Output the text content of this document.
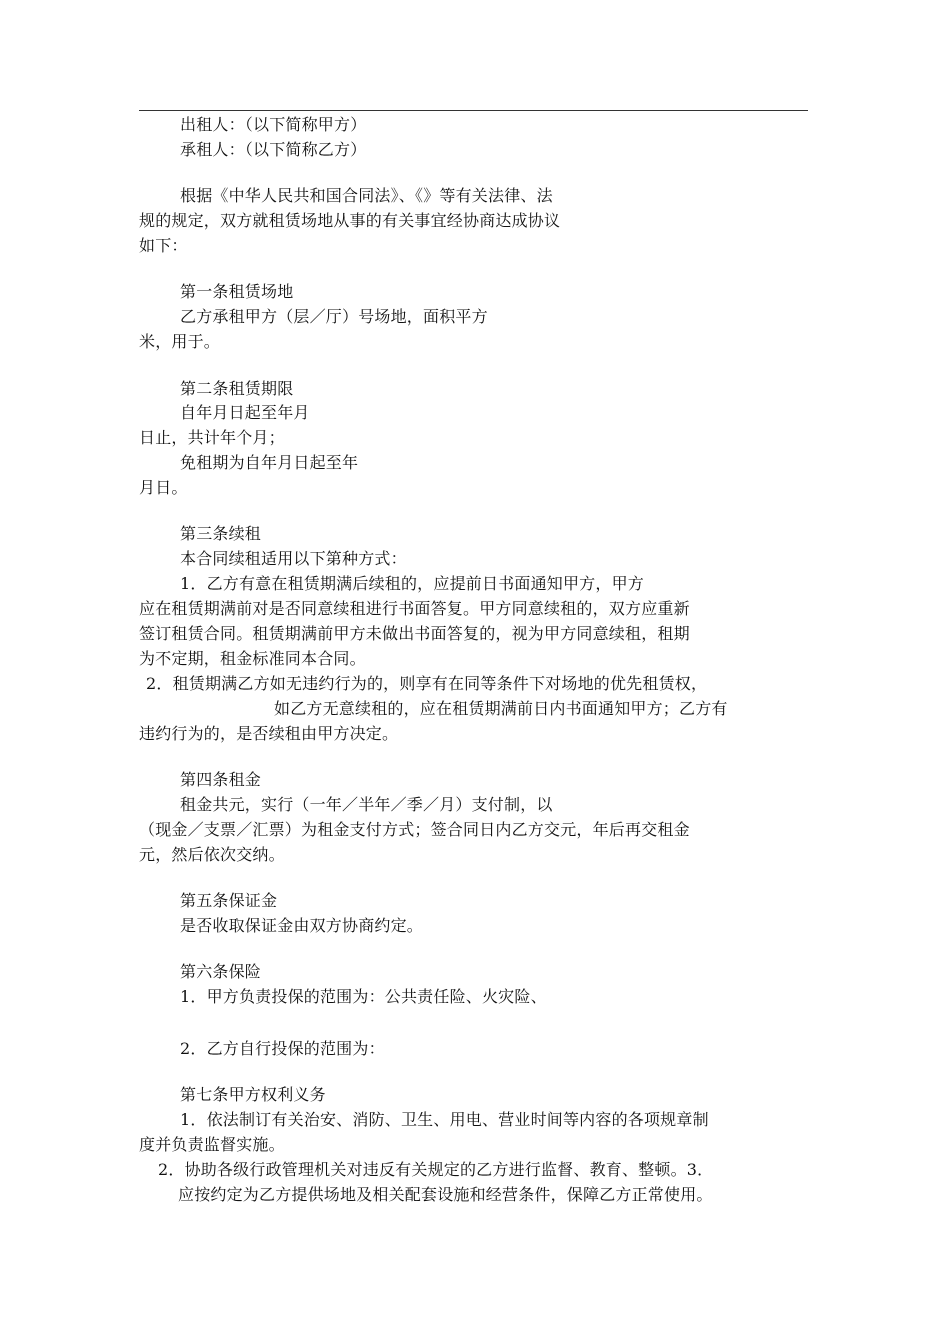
出租人：（以下简称甲方）
承租人：（以下简称乙方）
根据《中华人民共和国合同法》、《》等有关法律、法
规的规定，双方就租赁场地从事的有关事宜经协商达成协议
如下：
第一条租赁场地
乙方承租甲方（层／厅）号场地，面积平方
米，用于。
第二条租赁期限
自年月日起至年月
日止，共计年个月；
免租期为自年月日起至年
月日。
第三条续租
本合同续租适用以下第种方式：
1．乙方有意在租赁期满后续租的，应提前日书面通知甲方，甲方
应在租赁期满前对是否同意续租进行书面答复。甲方同意续租的，双方应重新
签订租赁合同。租赁期满前甲方未做出书面答复的，视为甲方同意续租，租期
为不定期，租金标准同本合同。
2．租赁期满乙方如无违约行为的，则享有在同等条件下对场地的优先租赁权，
如乙方无意续租的，应在租赁期满前日内书面通知甲方；乙方有
违约行为的，是否续租由甲方决定。
第四条租金
租金共元，实行（一年／半年／季／月）支付制，以
（现金／支票／汇票）为租金支付方式；签合同日内乙方交元，年后再交租金
元，然后依次交纳。
第五条保证金
是否收取保证金由双方协商约定。
第六条保险
1．甲方负责投保的范围为：公共责任险、火灾险、
2．乙方自行投保的范围为：
第七条甲方权利义务
1．依法制订有关治安、消防、卫生、用电、营业时间等内容的各项规章制
度并负责监督实施。
2．协助各级行政管理机关对违反有关规定的乙方进行监督、教育、整顿。3．
应按约定为乙方提供场地及相关配套设施和经营条件，保障乙方正常使用。
